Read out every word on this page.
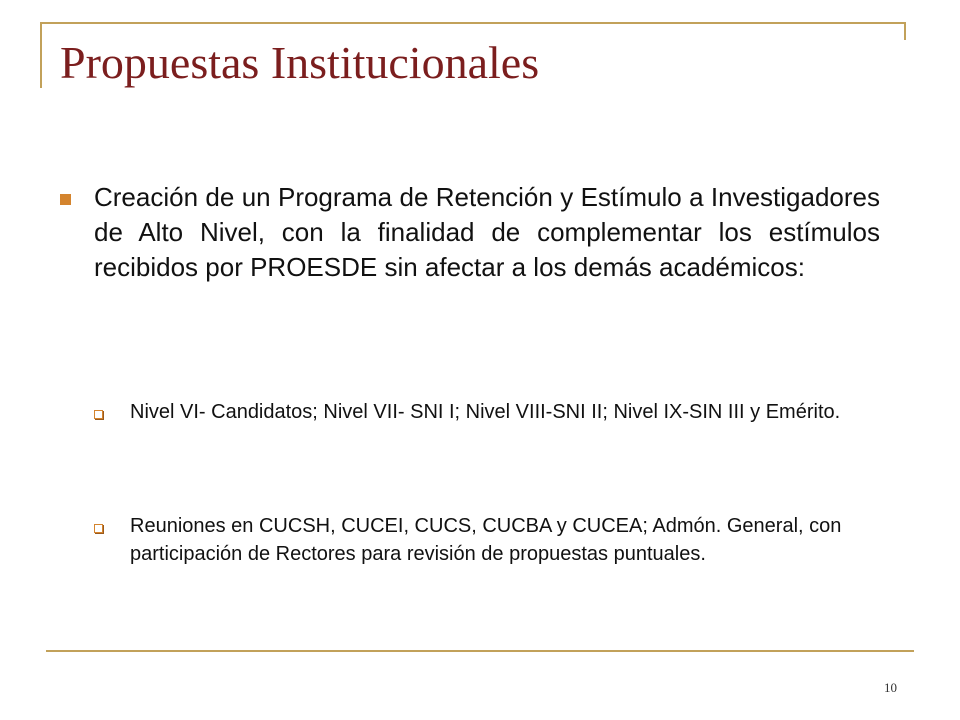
Propuestas Institucionales
Creación de un Programa de Retención y Estímulo a Investigadores de Alto Nivel, con la finalidad de complementar los estímulos recibidos por PROESDE sin afectar a los demás académicos:
Nivel VI- Candidatos; Nivel VII- SNI I; Nivel VIII-SNI II; Nivel IX-SIN III y Emérito.
Reuniones en CUCSH, CUCEI, CUCS, CUCBA y CUCEA; Admón. General, con participación de Rectores para revisión de propuestas puntuales.
10
